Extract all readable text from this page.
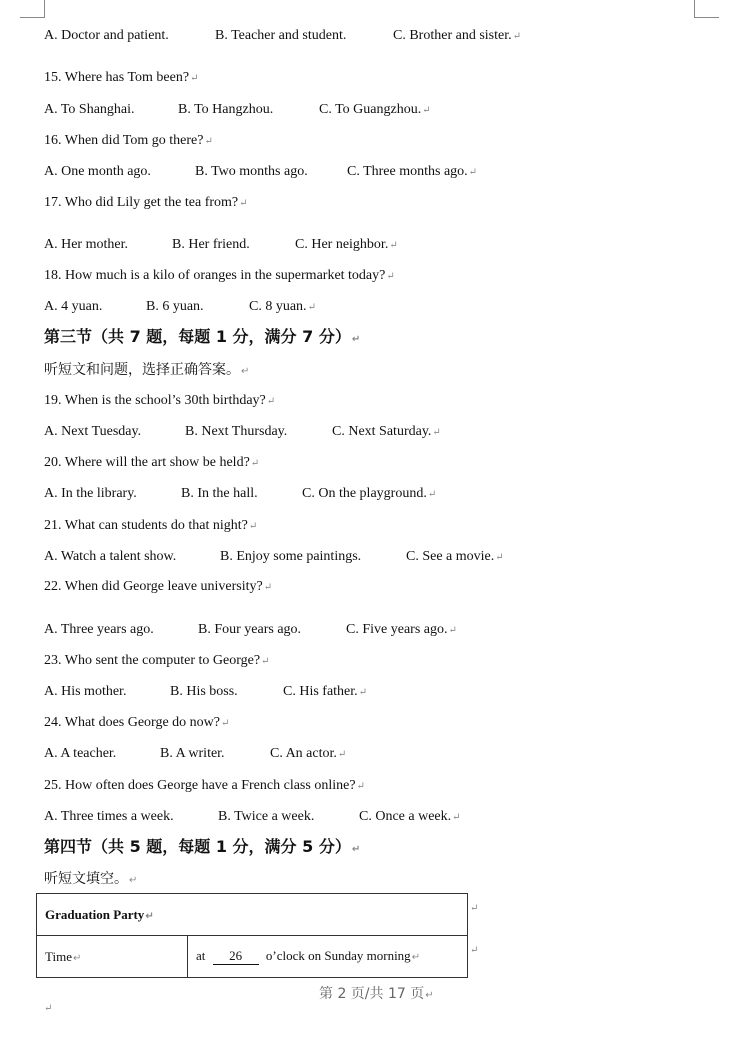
A. Doctor and patient.	B. Teacher and student.	C. Brother and sister.↵
15. Where has Tom been?↵
A. To Shanghai.	B. To Hangzhou.	C. To Guangzhou.↵
16. When did Tom go there?↵
A. One month ago.	B. Two months ago.	C. Three months ago.↵
17. Who did Lily get the tea from?↵
A. Her mother.	B. Her friend.	C. Her neighbor.↵
18. How much is a kilo of oranges in the supermarket today?↵
A. 4 yuan.	B. 6 yuan.	C. 8 yuan.↵
第三节（共 7 题，每题 1 分，满分 7 分）↵
听短文和问题，选择正确答案。↵
19. When is the school’s 30th birthday?↵
A. Next Tuesday.	B. Next Thursday.	C. Next Saturday.↵
20. Where will the art show be held?↵
A. In the library.	B. In the hall.	C. On the playground.↵
21. What can students do that night?↵
A. Watch a talent show.	B. Enjoy some paintings.	C. See a movie.↵
22. When did George leave university?↵
A. Three years ago.	B. Four years ago.	C. Five years ago.↵
23. Who sent the computer to George?↵
A. His mother.	B. His boss.	C. His father.↵
24. What does George do now?↵
A. A teacher.	B. A writer.	C. An actor.↵
25. How often does George have a French class online?↵
A. Three times a week.	B. Twice a week.	C. Once a week.↵
第四节（共 5 题，每题 1 分，满分 5 分）↵
听短文填空。↵
Graduation Party↵
Time↵	at 26 o’clock on Sunday morning↵
↵
↵
第 2 页/共 17 页↵
↵
